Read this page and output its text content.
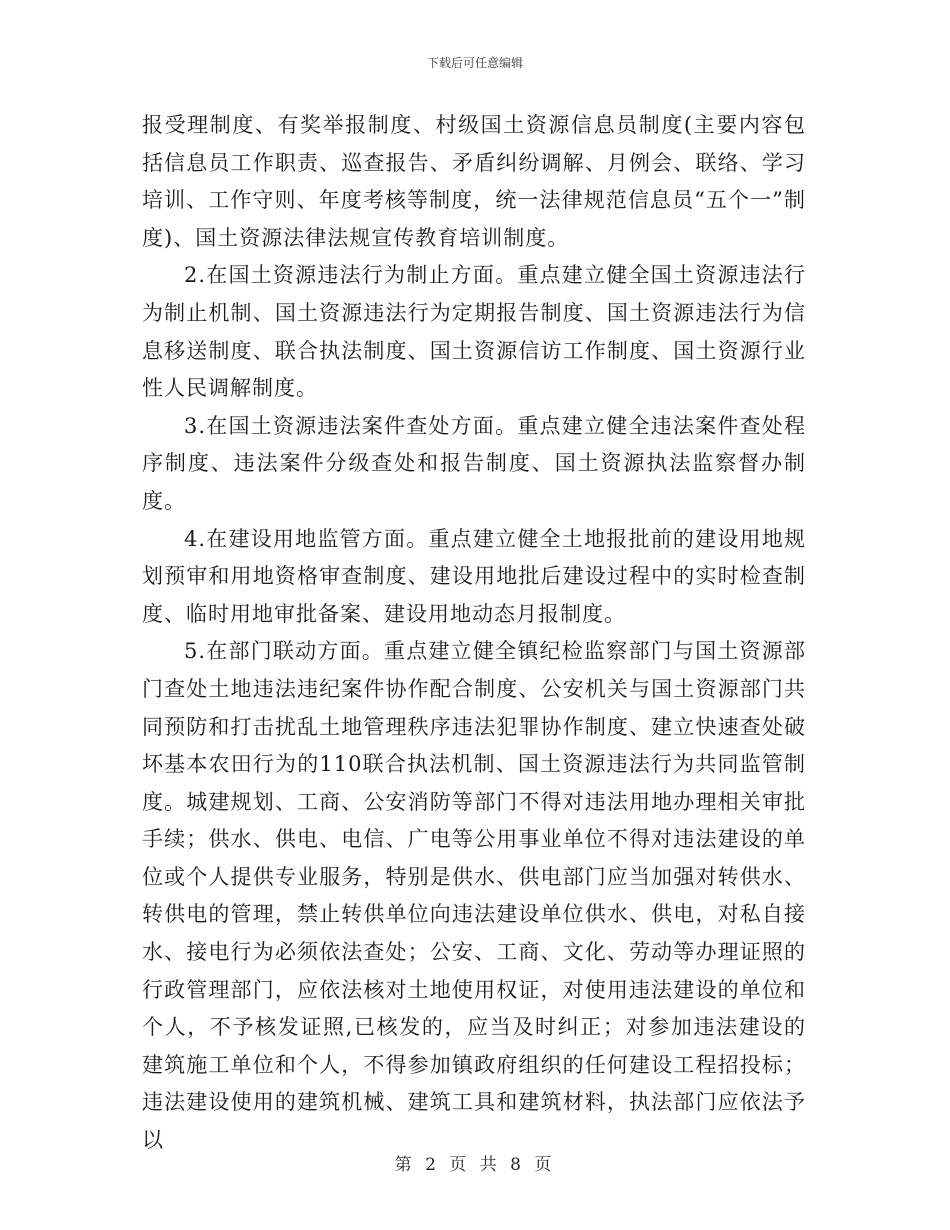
下载后可任意编辑

报受理制度、有奖举报制度、村级国土资源信息员制度(主要内容包括信息员工作职责、巡查报告、矛盾纠纷调解、月例会、联络、学习培训、工作守则、年度考核等制度，统一法律规范信息员“五个一”制度)、国土资源法律法规宣传教育培训制度。

2.在国土资源违法行为制止方面。重点建立健全国土资源违法行为制止机制、国土资源违法行为定期报告制度、国土资源违法行为信息移送制度、联合执法制度、国土资源信访工作制度、国土资源行业性人民调解制度。

3.在国土资源违法案件查处方面。重点建立健全违法案件查处程序制度、违法案件分级查处和报告制度、国土资源执法监察督办制度。

4.在建设用地监管方面。重点建立健全土地报批前的建设用地规划预审和用地资格审查制度、建设用地批后建设过程中的实时检查制度、临时用地审批备案、建设用地动态月报制度。

5.在部门联动方面。重点建立健全镇纪检监察部门与国土资源部门查处土地违法违纪案件协作配合制度、公安机关与国土资源部门共同预防和打击扰乱土地管理秩序违法犯罪协作制度、建立快速查处破坏基本农田行为的110联合执法机制、国土资源违法行为共同监管制度。城建规划、工商、公安消防等部门不得对违法用地办理相关审批手续；供水、供电、电信、广电等公用事业单位不得对违法建设的单位或个人提供专业服务，特别是供水、供电部门应当加强对转供水、转供电的管理，禁止转供单位向违法建设单位供水、供电，对私自接水、接电行为必须依法查处；公安、工商、文化、劳动等办理证照的行政管理部门，应依法核对土地使用权证，对使用违法建设的单位和个人，不予核发证照,已核发的，应当及时纠正；对参加违法建设的建筑施工单位和个人，不得参加镇政府组织的任何建设工程招投标；违法建设使用的建筑机械、建筑工具和建筑材料，执法部门应依法予以

第 2 页 共 8 页
